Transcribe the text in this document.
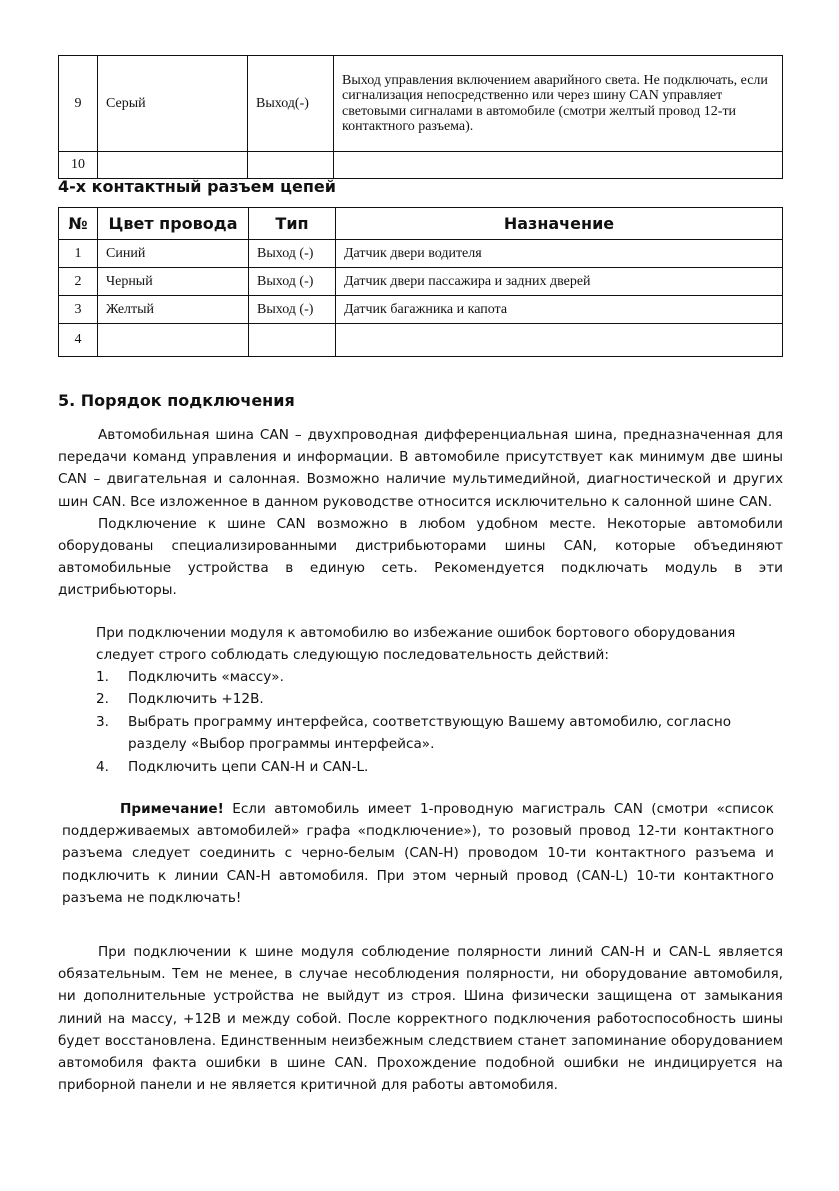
9	Серый	Выход(-)	Выход управления включением аварийного света. Не подключать, если сигнализация непосредственно или через шину CAN управляет световыми сигналами в автомобиле (смотри желтый провод 12-ти контактного разъема).
10			
4-х контактный разъем цепей
№	Цвет провода	Тип	Назначение
1	Синий	Выход (-)	Датчик двери водителя
2	Черный	Выход (-)	Датчик двери пассажира и задних дверей
3	Желтый	Выход (-)	Датчик багажника и капота
4			
5. Порядок подключения

Автомобильная шина CAN – двухпроводная дифференциальная шина, предназначенная для передачи команд управления и информации. В автомобиле присутствует как минимум две шины CAN – двигательная и салонная. Возможно наличие мультимедийной, диагностической и других шин CAN. Все изложенное в данном руководстве относится исключительно к салонной шине CAN.

Подключение к шине CAN возможно в любом удобном месте. Некоторые автомобили оборудованы специализированными дистрибьюторами шины CAN, которые объединяют автомобильные устройства в единую сеть. Рекомендуется подключать модуль в эти дистрибьюторы.

При подключении модуля к автомобилю во избежание ошибок бортового оборудования следует строго соблюдать следующую последовательность действий:
1. Подключить «массу».
2. Подключить +12В.
3. Выбрать программу интерфейса, соответствующую Вашему автомобилю, согласно разделу «Выбор программы интерфейса».
4. Подключить цепи CAN-H и CAN-L.
Примечание! Если автомобиль имеет 1-проводную магистраль CAN (смотри «список поддерживаемых автомобилей» графа «подключение»), то розовый провод 12-ти контактного разъема следует соединить с черно-белым (CAN-H) проводом 10-ти контактного разъема и подключить к линии CAN-H автомобиля. При этом черный провод (CAN-L) 10-ти контактного разъема не подключать!

При подключении к шине модуля соблюдение полярности линий CAN-H и CAN-L является обязательным. Тем не менее, в случае несоблюдения полярности, ни оборудование автомобиля, ни дополнительные устройства не выйдут из строя. Шина физически защищена от замыкания линий на массу, +12В и между собой. После корректного подключения работоспособность шины будет восстановлена. Единственным неизбежным следствием станет запоминание оборудованием автомобиля факта ошибки в шине CAN. Прохождение подобной ошибки не индицируется на приборной панели и не является критичной для работы автомобиля.
